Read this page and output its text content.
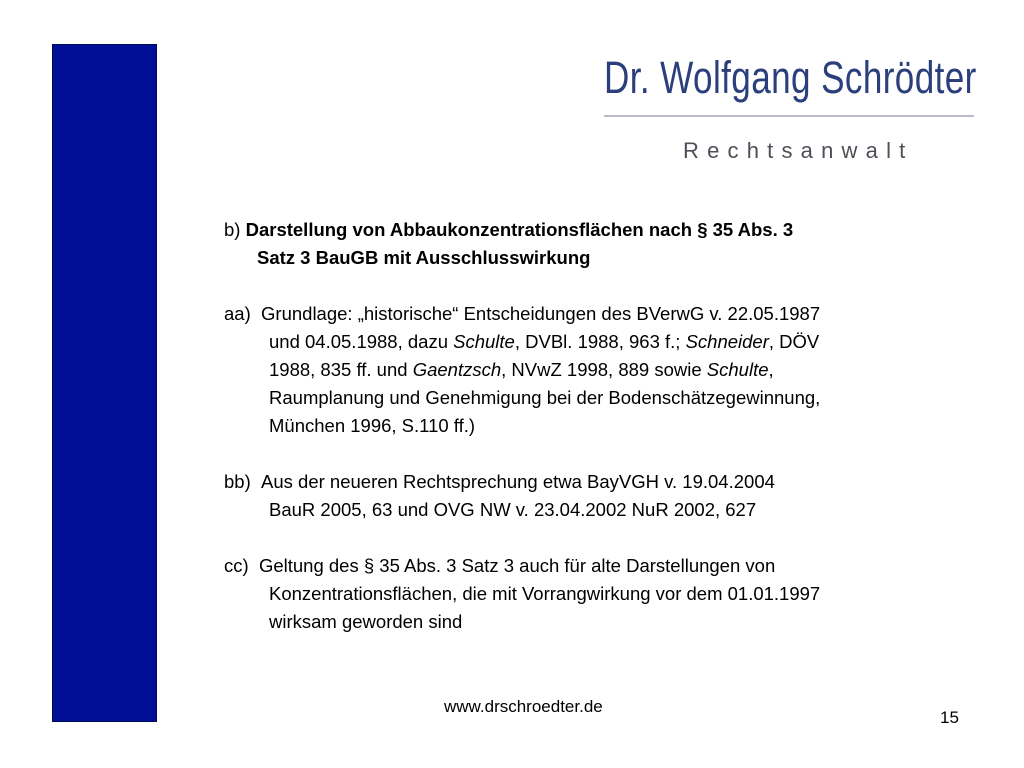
Dr. Wolfgang Schrödter
Rechtsanwalt
b) Darstellung von Abbaukonzentrationsflächen nach § 35 Abs. 3
Satz 3 BauGB mit Ausschlusswirkung
aa) Grundlage: „historische“ Entscheidungen des BVerwG v. 22.05.1987
und 04.05.1988, dazu Schulte, DVBl. 1988, 963 f.; Schneider, DÖV
1988, 835 ff. und Gaentzsch, NVwZ 1998, 889 sowie Schulte,
Raumplanung und Genehmigung bei der Bodenschätzegewinnung,
München 1996, S.110 ff.)
bb) Aus der neueren Rechtsprechung etwa BayVGH v. 19.04.2004
BauR 2005, 63 und OVG NW v. 23.04.2002 NuR 2002, 627
cc) Geltung des § 35 Abs. 3 Satz 3 auch für alte Darstellungen von
Konzentrationsflächen, die mit Vorrangwirkung vor dem 01.01.1997
wirksam geworden sind
www.drschroedter.de
15
